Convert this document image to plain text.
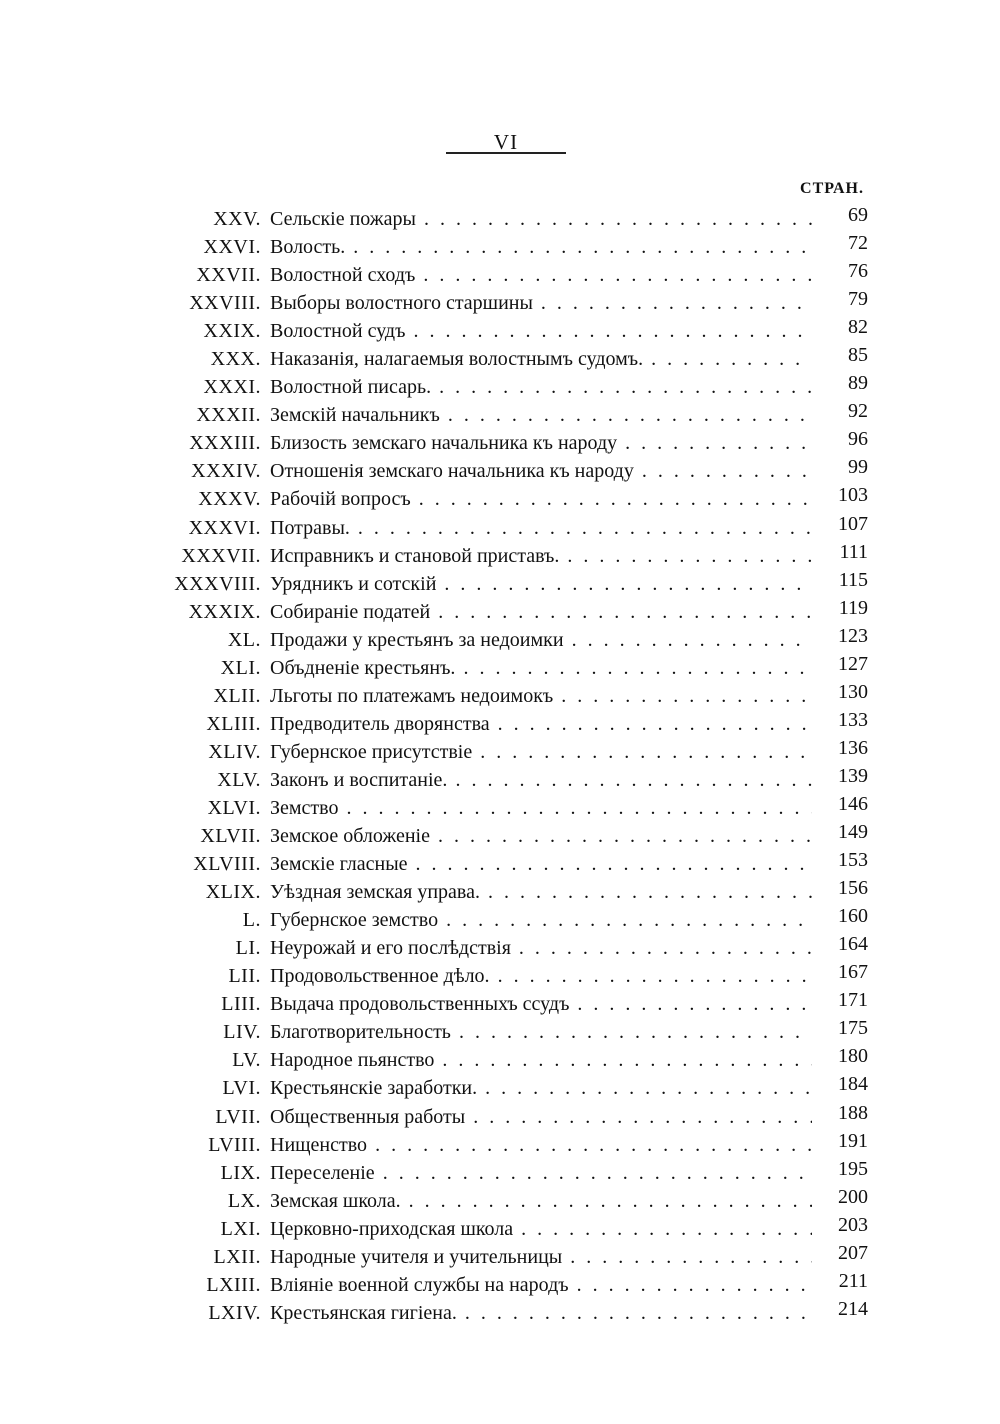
VI
СТРАН.
XXV. Сельскіе пожары . . .	69
XXVI. Волость. . . .	72
XXVII. Волостной сходъ . . .	76
XXVIII. Выборы волостного старшины . . .	79
XXIX. Волостной судъ . . .	82
XXX. Наказанія, налагаемыя волостнымъ судомъ. . . .	85
XXXI. Волостной писарь. . . .	89
XXXII. Земскій начальникъ . . .	92
XXXIII. Близость земскаго начальника къ народу . . .	96
XXXIV. Отношенія земскаго начальника къ народу . . .	99
XXXV. Рабочій вопросъ . . .	103
XXXVI. Потравы. . . .	107
XXXVII. Исправникъ и становой приставъ. . . .	111
XXXVIII. Урядникъ и сотскій . . .	115
XXXIX. Собираніе податей . . .	119
XL. Продажи у крестьянъ за недоимки . . .	123
XLI. Объдненіе крестьянъ. . . .	127
XLII. Льготы по платежамъ недоимокъ . . .	130
XLIII. Предводитель дворянства . . .	133
XLIV. Губернское присутствіе . . .	136
XLV. Законъ и воспитаніе. . . .	139
XLVI. Земство . . .	146
XLVII. Земское обложеніе . . .	149
XLVIII. Земскіе гласные . . .	153
XLIX. Уѣздная земская управа. . . .	156
L. Губернское земство . . .	160
LI. Неурожай и его послѣдствія . . .	164
LII. Продовольственное дѣло. . . .	167
LIII. Выдача продовольственныхъ ссудъ . . .	171
LIV. Благотворительность . . .	175
LV. Народное пьянство . . .	180
LVI. Крестьянскіе заработки. . . .	184
LVII. Общественныя работы . . .	188
LVIII. Нищенство . . .	191
LIX. Переселеніе . . .	195
LX. Земская школа. . . .	200
LXI. Церковно-приходская школа . . .	203
LXII. Народные учителя и учительницы . . .	207
LXIII. Вліяніе военной службы на народъ . . .	211
LXIV. Крестьянская гигіена. . . .	214
